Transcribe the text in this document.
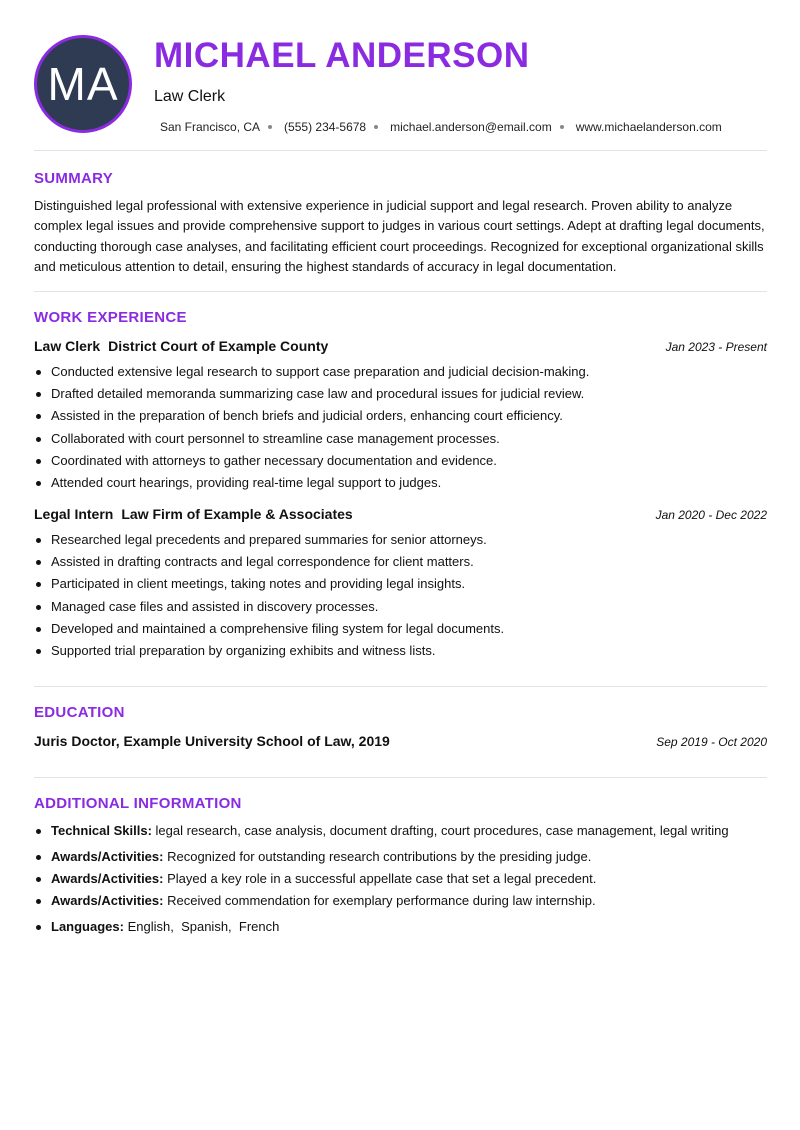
MA
MICHAEL ANDERSON
Law Clerk
San Francisco, CA (555) 234-5678 michael.anderson@email.com www.michaelanderson.com
SUMMARY
Distinguished legal professional with extensive experience in judicial support and legal research. Proven ability to analyze complex legal issues and provide comprehensive support to judges in various court settings. Adept at drafting legal documents, conducting thorough case analyses, and facilitating efficient court proceedings. Recognized for exceptional organizational skills and meticulous attention to detail, ensuring the highest standards of accuracy in legal documentation.
WORK EXPERIENCE
Law Clerk District Court of Example County	Jan 2023 - Present
Conducted extensive legal research to support case preparation and judicial decision-making.
Drafted detailed memoranda summarizing case law and procedural issues for judicial review.
Assisted in the preparation of bench briefs and judicial orders, enhancing court efficiency.
Collaborated with court personnel to streamline case management processes.
Coordinated with attorneys to gather necessary documentation and evidence.
Attended court hearings, providing real-time legal support to judges.
Legal Intern Law Firm of Example & Associates	Jan 2020 - Dec 2022
Researched legal precedents and prepared summaries for senior attorneys.
Assisted in drafting contracts and legal correspondence for client matters.
Participated in client meetings, taking notes and providing legal insights.
Managed case files and assisted in discovery processes.
Developed and maintained a comprehensive filing system for legal documents.
Supported trial preparation by organizing exhibits and witness lists.
EDUCATION
Juris Doctor, Example University School of Law, 2019	Sep 2019 - Oct 2020
ADDITIONAL INFORMATION
Technical Skills: legal research, case analysis, document drafting, court procedures, case management, legal writing
Awards/Activities: Recognized for outstanding research contributions by the presiding judge.
Awards/Activities: Played a key role in a successful appellate case that set a legal precedent.
Awards/Activities: Received commendation for exemplary performance during law internship.
Languages: English,  Spanish,  French
